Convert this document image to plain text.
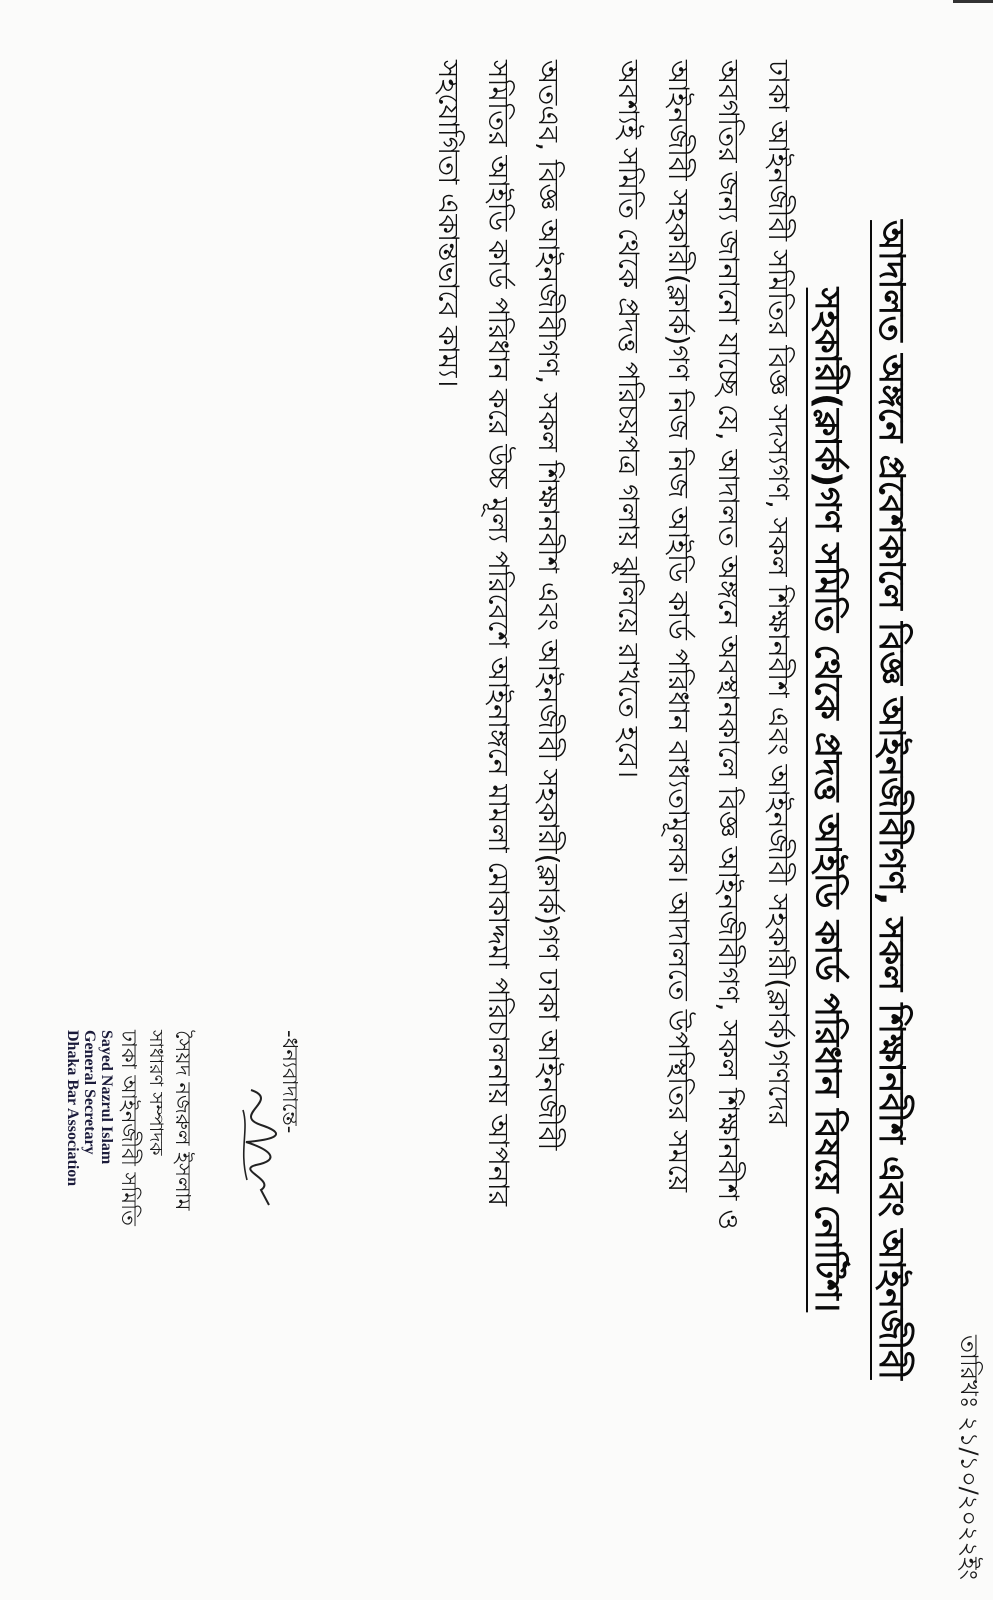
তারিখঃ ২১/১০/২০২২ইং
আদালত অঙ্গনে প্রবেশকালে বিজ্ঞ আইনজীবীগণ, সকল শিক্ষানবীশ এবং আইনজীবী
সহকারী(ক্লার্ক)গণ সমিতি থেকে প্রদত্ত আইডি কার্ড পরিধান বিষয়ে নোটিশ।

ঢাকা আইনজীবী সমিতির বিজ্ঞ সদস্যগণ, সকল শিক্ষানবীশ এবং আইনজীবী সহকারী(ক্লার্ক)গণদের
অবগতির জন্য জানানো যাচ্ছে যে, আদালত অঙ্গনে অবস্থানকালে বিজ্ঞ আইনজীবীগণ, সকল শিক্ষানবীশ ও
আইনজীবী সহকারী(ক্লার্ক)গণ নিজ নিজ আইডি কার্ড পরিধান বাধ্যতামূলক। আদালতে উপস্থিতির সময়ে
অবশ্যই সমিতি থেকে প্রদত্ত পরিচয়পত্র গলায় ঝুলিয়ে রাখতে হবে।

অতএব, বিজ্ঞ আইনজীবীগণ, সকল শিক্ষানবীশ এবং আইনজীবী সহকারী(ক্লার্ক)গণ ঢাকা আইনজীবী
সমিতির আইডি কার্ড পরিধান করে উচ্চ মূল্য পরিবেশে আইনাঙ্গনে মামলা মোকাদ্দমা পরিচালনায় আপনার
সহযোগিতা একান্তভাবে কাম্য।

-ধন্যবাদান্তে-
সৈয়দ নজরুল ইসলাম
সাধারণ সম্পাদক
ঢাকা আইনজীবী সমিতি
Sayed Nazrul Islam
General Secretary
Dhaka Bar Association
